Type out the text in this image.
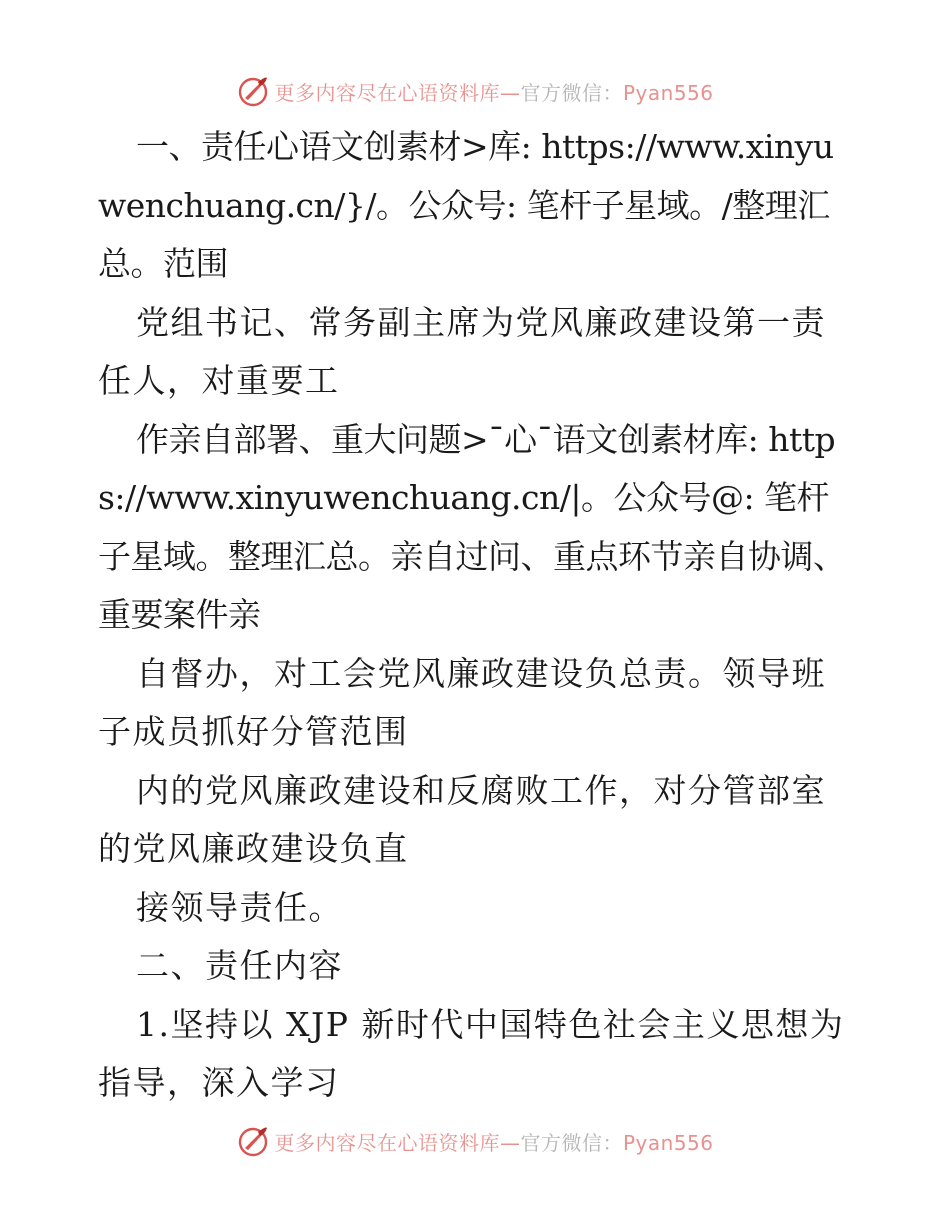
更多内容尽在心语资料库—官方微信：Pyan556

一、责任心语文创素材>库: https://www.xinyuwenchuang.cn/}/。公众号: 笔杆子星域。/整理汇总。范围

党组书记、常务副主席为党风廉政建设第一责任人，对重要工

作亲自部署、重大问题>¯心¯语文创素材库: https://www.xinyuwenchuang.cn/|。公众号@: 笔杆子星域。整理汇总。亲自过问、重点环节亲自协调、重要案件亲

自督办，对工会党风廉政建设负总责。领导班子成员抓好分管范围

内的党风廉政建设和反腐败工作，对分管部室的党风廉政建设负直

接领导责任。

二、责任内容

1.坚持以 XJP 新时代中国特色社会主义思想为指导，深入学习

更多内容尽在心语资料库—官方微信：Pyan556
